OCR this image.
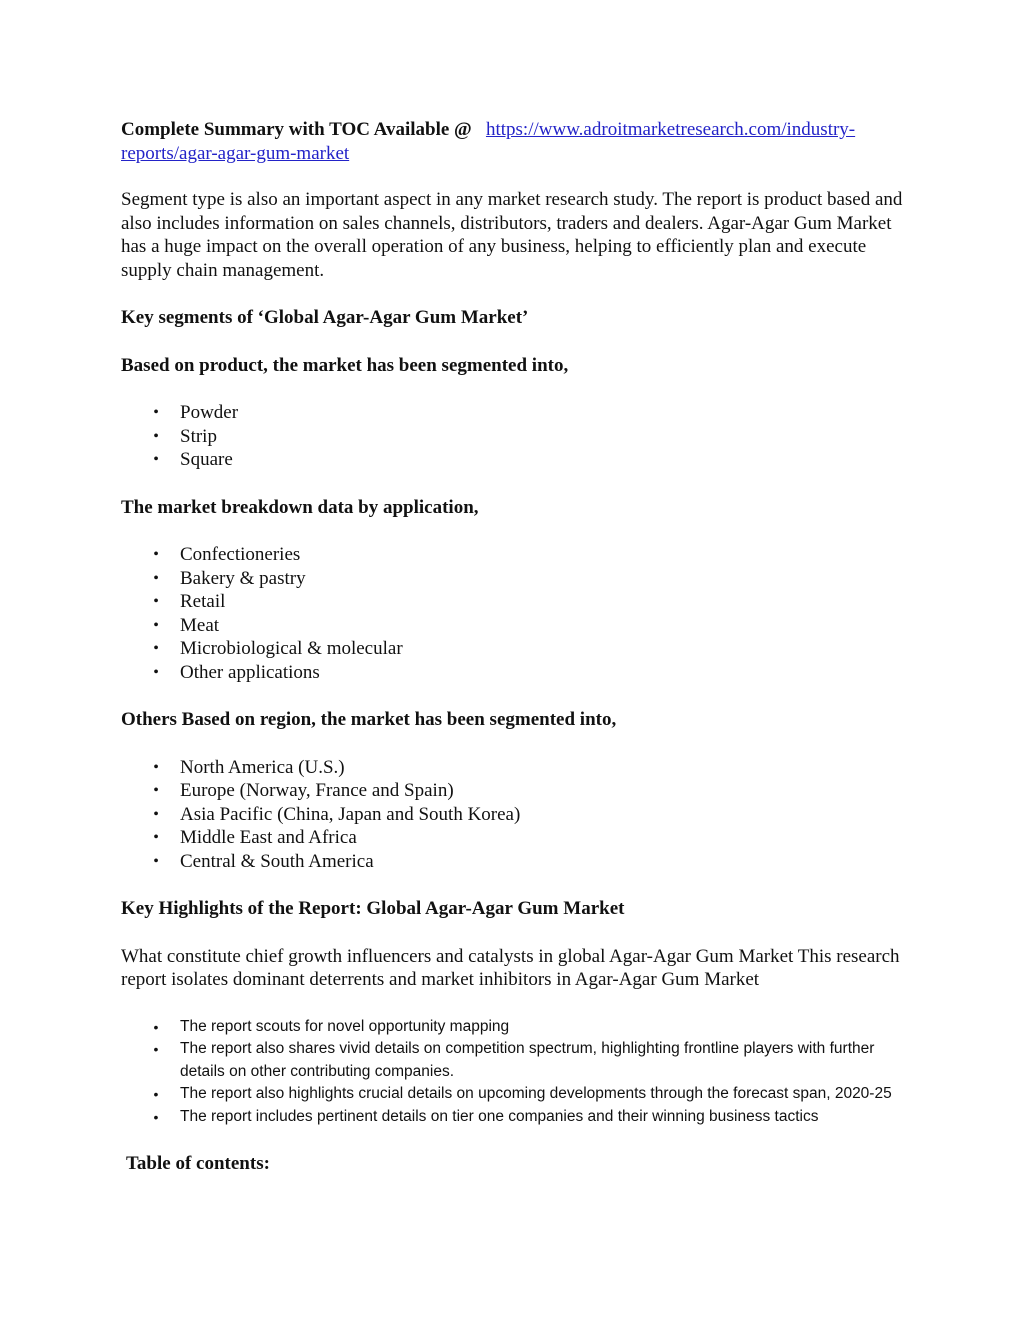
Complete Summary with TOC Available @ https://www.adroitmarketresearch.com/industry-
reports/agar-agar-gum-market

Segment type is also an important aspect in any market research study. The report is product based and also includes information on sales channels, distributors, traders and dealers. Agar-Agar Gum Market has a huge impact on the overall operation of any business, helping to efficiently plan and execute supply chain management.

Key segments of ‘Global Agar-Agar Gum Market’

Based on product, the market has been segmented into,

• Powder
• Strip
• Square

The market breakdown data by application,

• Confectioneries
• Bakery & pastry
• Retail
• Meat
• Microbiological & molecular
• Other applications

Others Based on region, the market has been segmented into,

• North America (U.S.)
• Europe (Norway, France and Spain)
• Asia Pacific (China, Japan and South Korea)
• Middle East and Africa
• Central & South America

Key Highlights of the Report: Global Agar-Agar Gum Market

What constitute chief growth influencers and catalysts in global Agar-Agar Gum Market This research report isolates dominant deterrents and market inhibitors in Agar-Agar Gum Market

• The report scouts for novel opportunity mapping
• The report also shares vivid details on competition spectrum, highlighting frontline players with further details on other contributing companies.
• The report also highlights crucial details on upcoming developments through the forecast span, 2020-25
• The report includes pertinent details on tier one companies and their winning business tactics

Table of contents:
